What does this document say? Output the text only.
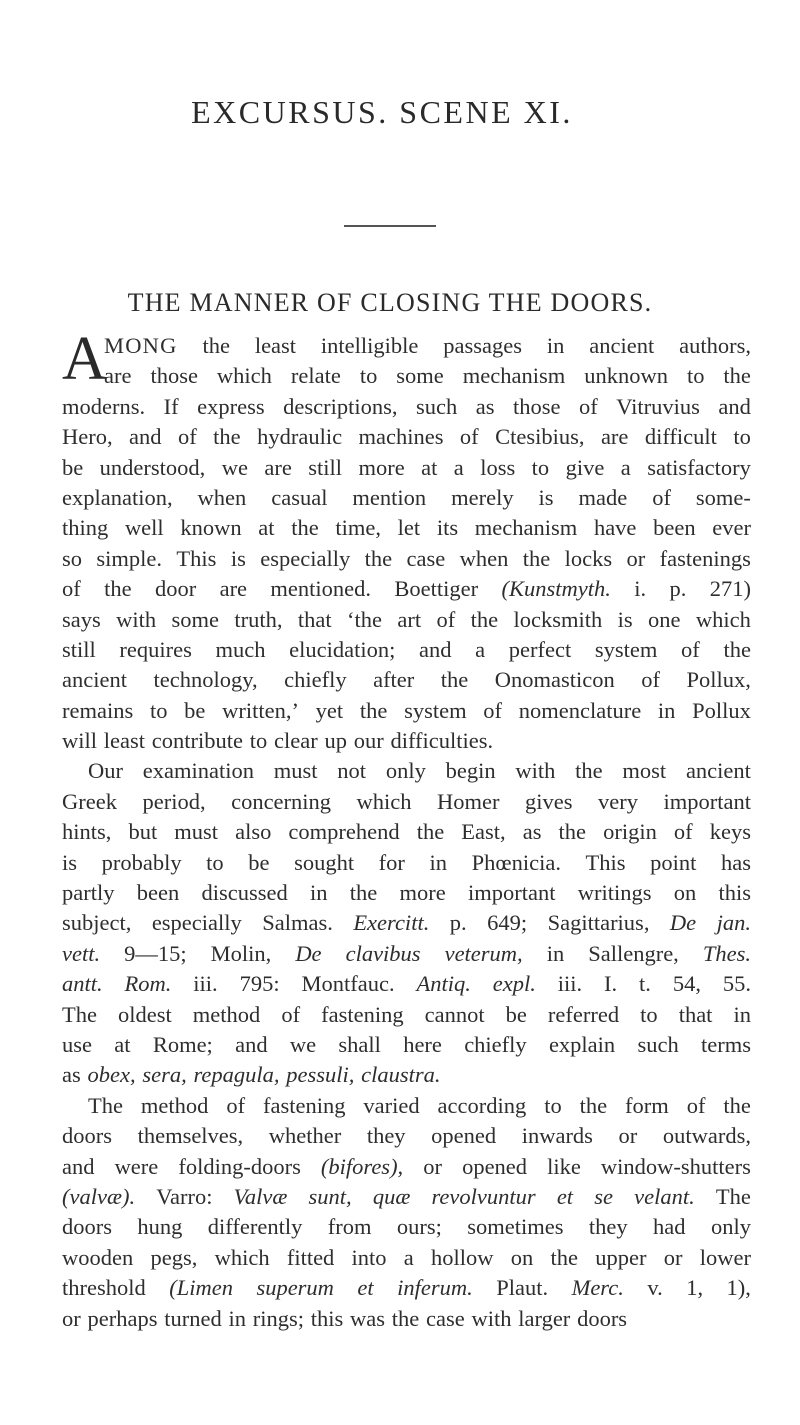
EXCURSUS. SCENE XI.
THE MANNER OF CLOSING THE DOORS.
A
MONG the least intelligible passages in ancient authors,
are those which relate to some mechanism unknown to the
moderns. If express descriptions, such as those of Vitruvius and
Hero, and of the hydraulic machines of Ctesibius, are difficult to
be understood, we are still more at a loss to give a satisfactory
explanation, when casual mention merely is made of some-
thing well known at the time, let its mechanism have been ever
so simple. This is especially the case when the locks or fastenings
of the door are mentioned. Boettiger (Kunstmyth. i. p. 271)
says with some truth, that ‘the art of the locksmith is one which
still requires much elucidation; and a perfect system of the
ancient technology, chiefly after the Onomasticon of Pollux,
remains to be written,’ yet the system of nomenclature in Pollux
will least contribute to clear up our difficulties.
Our examination must not only begin with the most ancient
Greek period, concerning which Homer gives very important
hints, but must also comprehend the East, as the origin of keys
is probably to be sought for in Phœnicia. This point has
partly been discussed in the more important writings on this
subject, especially Salmas. Exercitt. p. 649; Sagittarius, De jan.
vett. 9—15; Molin, De clavibus veterum, in Sallengre, Thes.
antt. Rom. iii. 795: Montfauc. Antiq. expl. iii. I. t. 54, 55.
The oldest method of fastening cannot be referred to that in
use at Rome; and we shall here chiefly explain such terms
as obex, sera, repagula, pessuli, claustra.
The method of fastening varied according to the form of the
doors themselves, whether they opened inwards or outwards,
and were folding-doors (bifores), or opened like window-shutters
(valvæ). Varro: Valvæ sunt, quæ revolvuntur et se velant. The
doors hung differently from ours; sometimes they had only
wooden pegs, which fitted into a hollow on the upper or lower
threshold (Limen superum et inferum. Plaut. Merc. v. 1, 1),
or perhaps turned in rings; this was the case with larger doors
